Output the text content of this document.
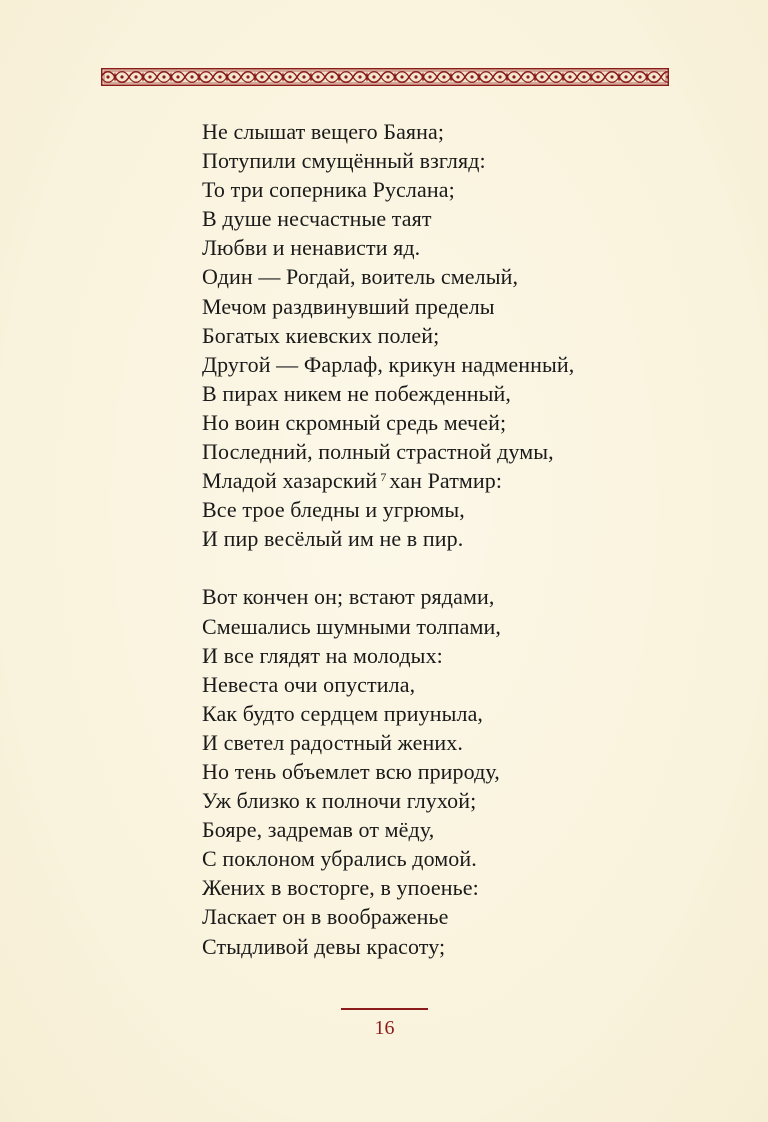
Не слышат вещего Баяна;
Потупили смущённый взгляд:
То три соперника Руслана;
В душе несчастные таят
Любви и ненависти яд.
Один — Рогдай, воитель смелый,
Мечом раздвинувший пределы
Богатых киевских полей;
Другой — Фарлаф, крикун надменный,
В пирах никем не побежденный,
Но воин скромный средь мечей;
Последний, полный страстной думы,
Младой хазарский $^7$ хан Ратмир:
Все трое бледны и угрюмы,
И пир весёлый им не в пир.
Вот кончен он; встают рядами,
Смешались шумными толпами,
И все глядят на молодых:
Невеста очи опустила,
Как будто сердцем приуныла,
И светел радостный жених.
Но тень объемлет всю природу,
Уж близко к полночи глухой;
Бояре, задремав от мёду,
С поклоном убрались домой.
Жених в восторге, в упоенье:
Ласкает он в воображенье
Стыдливой девы красоту;
16
